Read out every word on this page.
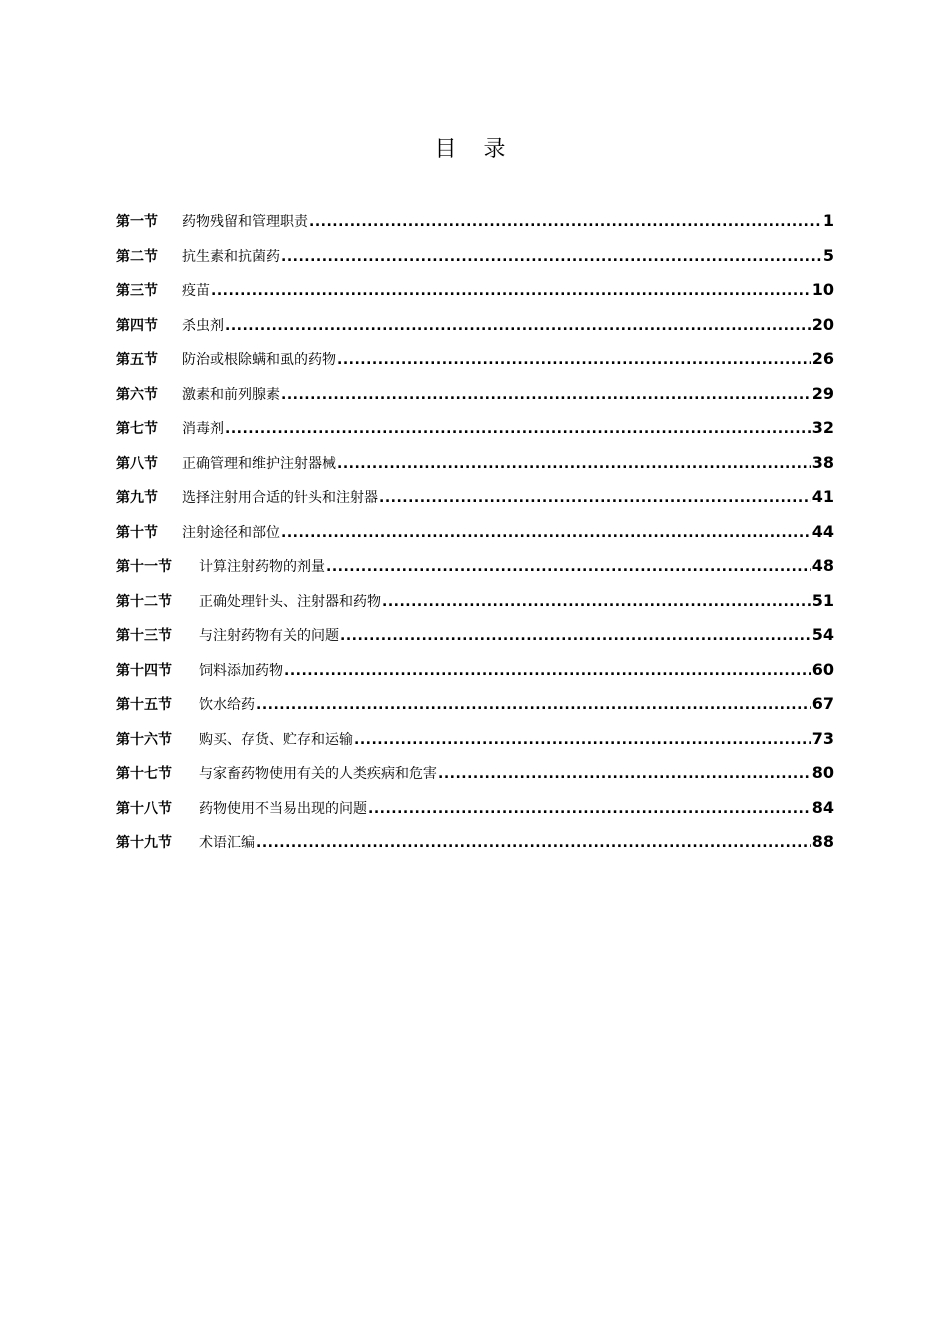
目 录
第一节	药物残留和管理职责 .....	1
第二节	抗生素和抗菌药 .....	5
第三节	疫苗 .....	10
第四节	杀虫剂 .....	20
第五节	防治或根除螨和虱的药物 .....	26
第六节	激素和前列腺素 .....	29
第七节	消毒剂 .....	32
第八节	正确管理和维护注射器械 .....	38
第九节	选择注射用合适的针头和注射器 .....	41
第十节	注射途径和部位 .....	44
第十一节	计算注射药物的剂量 .....	48
第十二节	正确处理针头、注射器和药物 .....	51
第十三节	与注射药物有关的问题 .....	54
第十四节	饲料添加药物 .....	60
第十五节	饮水给药 .....	67
第十六节	购买、存货、贮存和运输 .....	73
第十七节	与家畜药物使用有关的人类疾病和危害 .....	80
第十八节	药物使用不当易出现的问题 .....	84
第十九节	术语汇编 .....	88
